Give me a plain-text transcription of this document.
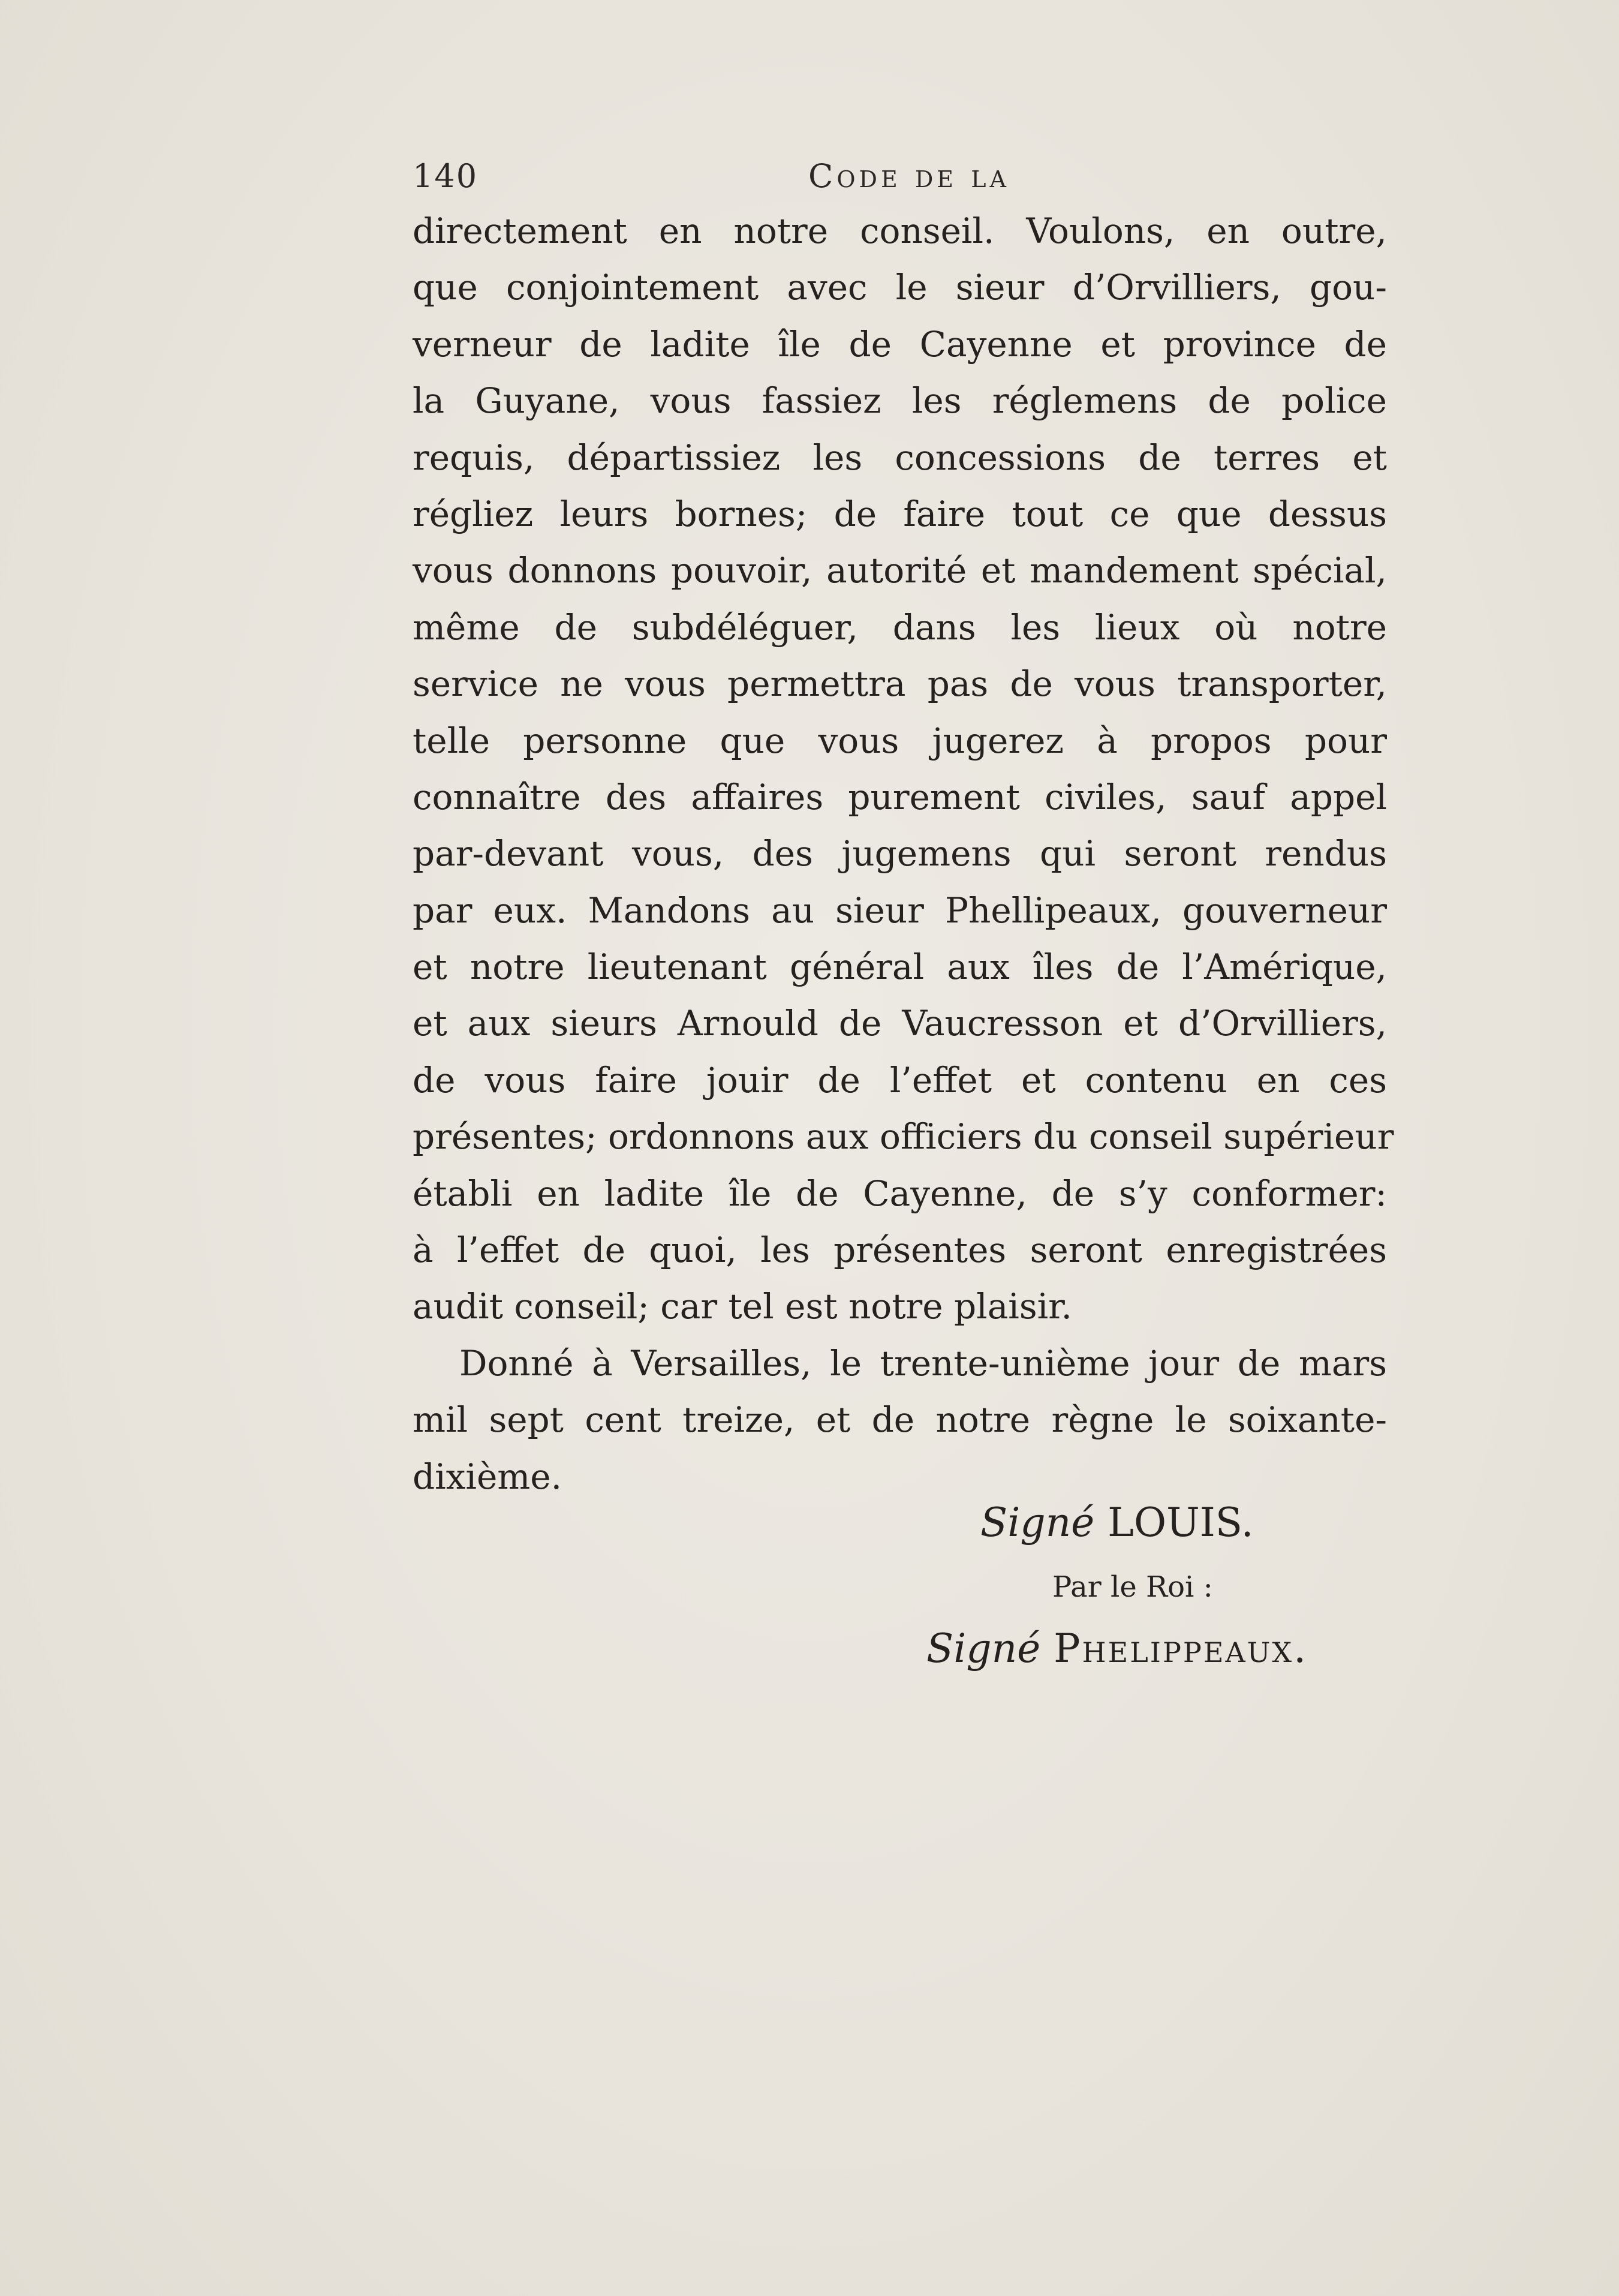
140	Code de la
directement en notre conseil. Voulons, en outre,
que conjointement avec le sieur d’Orvilliers, gou-
verneur de ladite île de Cayenne et province de
la Guyane, vous fassiez les réglemens de police
requis, départissiez les concessions de terres et
régliez leurs bornes; de faire tout ce que dessus
vous donnons pouvoir, autorité et mandement spécial,
même de subdéléguer, dans les lieux où notre
service ne vous permettra pas de vous transporter,
telle personne que vous jugerez à propos pour
connaître des affaires purement civiles, sauf appel
par-devant vous, des jugemens qui seront rendus
par eux. Mandons au sieur Phellipeaux, gouverneur
et notre lieutenant général aux îles de l’Amérique,
et aux sieurs Arnould de Vaucresson et d’Orvilliers,
de vous faire jouir de l’effet et contenu en ces
présentes; ordonnons aux officiers du conseil supérieur
établi en ladite île de Cayenne, de s’y conformer:
à l’effet de quoi, les présentes seront enregistrées
audit conseil; car tel est notre plaisir.
Donné à Versailles, le trente-unième jour de mars
mil sept cent treize, et de notre règne le soixante-
dixième.
Signé LOUIS.
Par le Roi :
Signé Phelippeaux.
